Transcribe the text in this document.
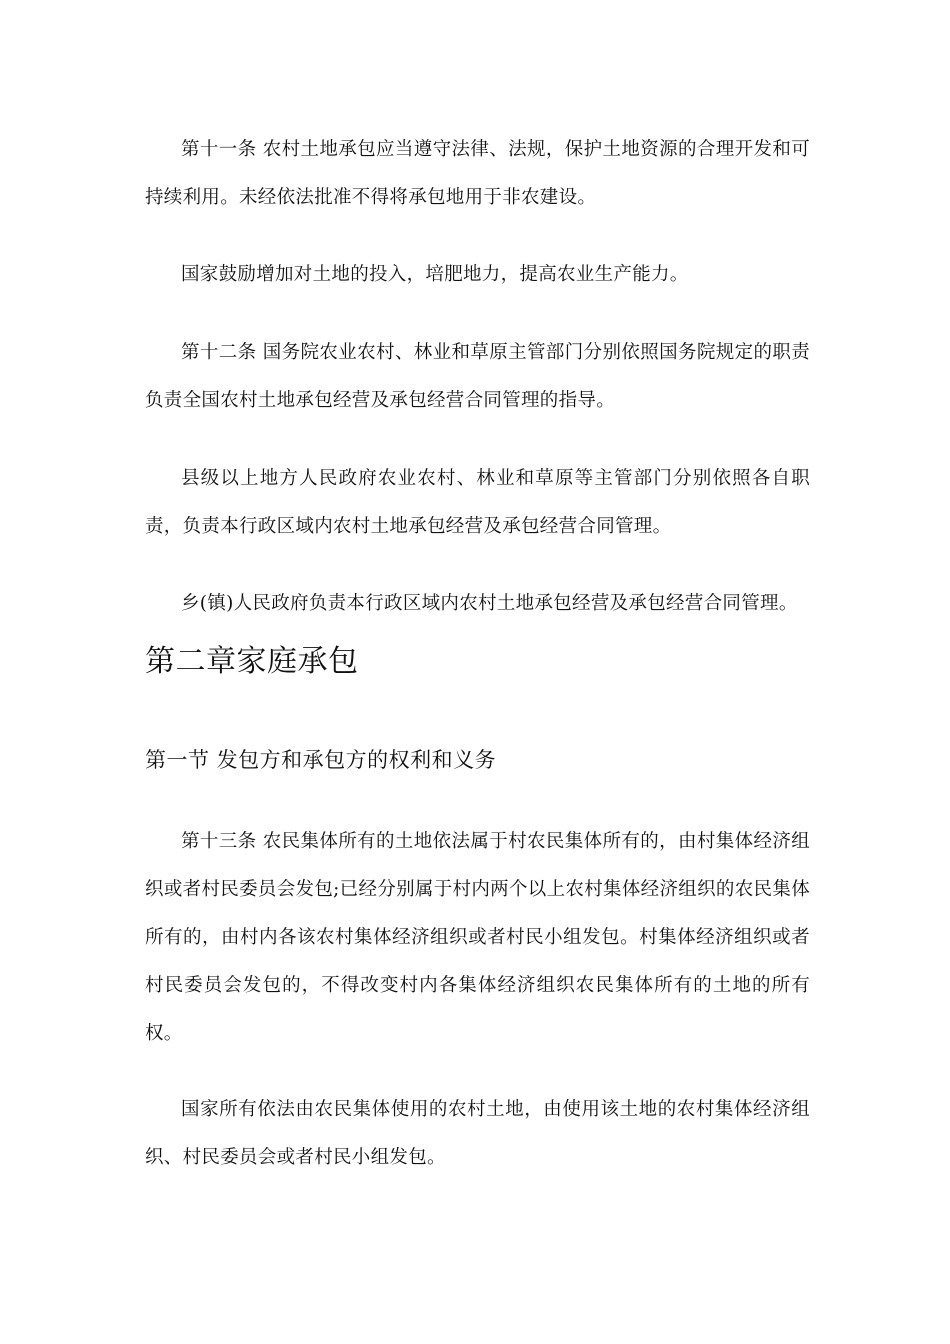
第十一条 农村土地承包应当遵守法律、法规，保护土地资源的合理开发和可持续利用。未经依法批准不得将承包地用于非农建设。

国家鼓励增加对土地的投入，培肥地力，提高农业生产能力。

第十二条 国务院农业农村、林业和草原主管部门分别依照国务院规定的职责负责全国农村土地承包经营及承包经营合同管理的指导。

县级以上地方人民政府农业农村、林业和草原等主管部门分别依照各自职责，负责本行政区域内农村土地承包经营及承包经营合同管理。

乡(镇)人民政府负责本行政区域内农村土地承包经营及承包经营合同管理。

第二章家庭承包
第一节 发包方和承包方的权利和义务

第十三条 农民集体所有的土地依法属于村农民集体所有的，由村集体经济组织或者村民委员会发包;已经分别属于村内两个以上农村集体经济组织的农民集体所有的，由村内各该农村集体经济组织或者村民小组发包。村集体经济组织或者村民委员会发包的，不得改变村内各集体经济组织农民集体所有的土地的所有权。

国家所有依法由农民集体使用的农村土地，由使用该土地的农村集体经济组织、村民委员会或者村民小组发包。
